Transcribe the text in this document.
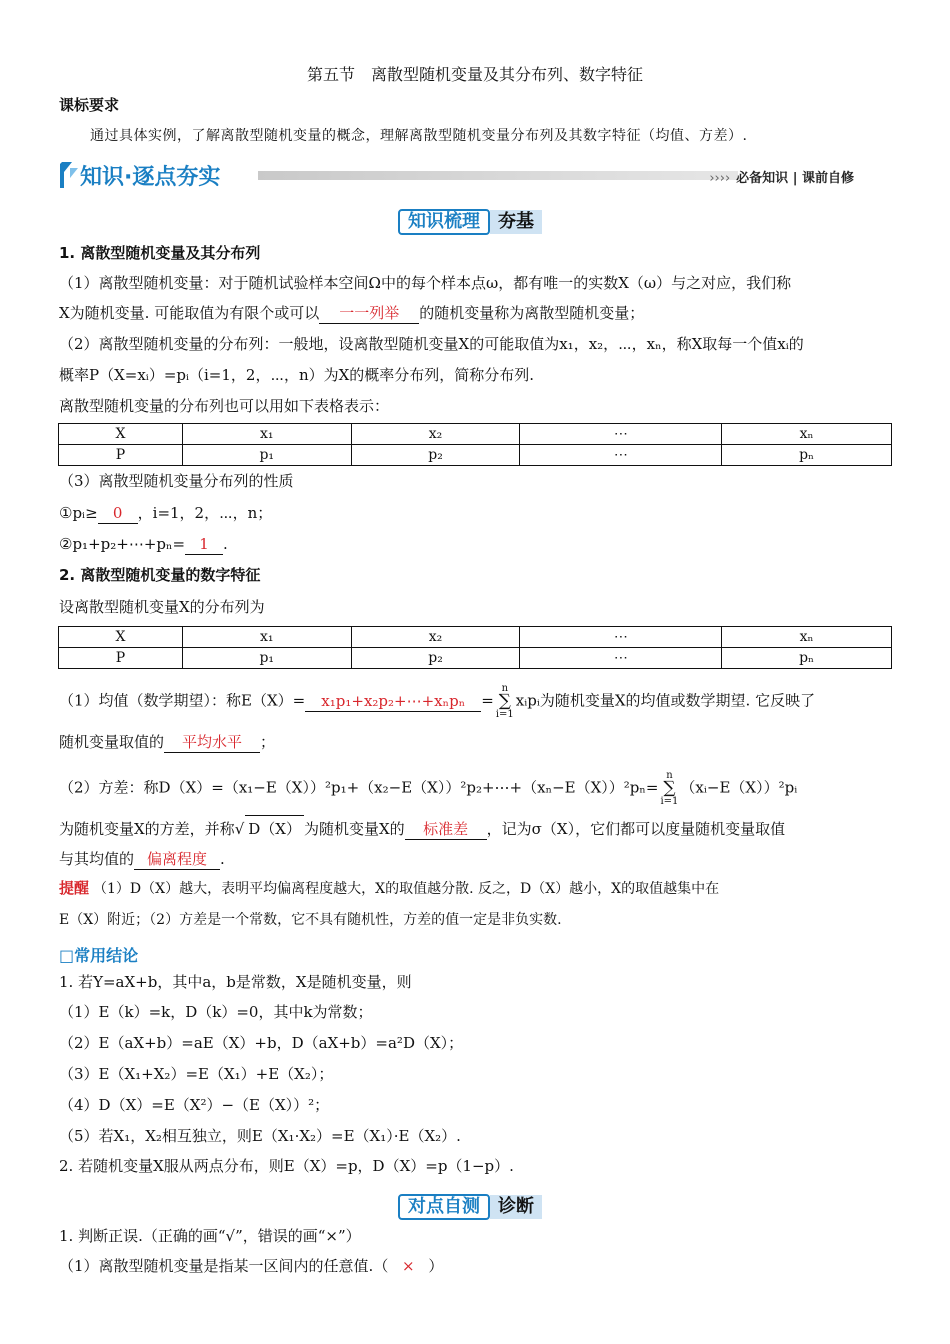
第五节　离散型随机变量及其分布列、数字特征
课标要求
通过具体实例，了解离散型随机变量的概念，理解离散型随机变量分布列及其数字特征（均值、方差）.
知识·逐点夯实	›››› 必备知识 | 课前自修
知识梳理 夯基
1. 离散型随机变量及其分布列
（1）离散型随机变量：对于随机试验样本空间Ω中的每个样本点ω，都有唯一的实数X（ω）与之对应，我们称
X为随机变量. 可能取值为有限个或可以 一一列举 的随机变量称为离散型随机变量；
（2）离散型随机变量的分布列：一般地，设离散型随机变量X的可能取值为x₁，x₂，⋯，xₙ，称X取每一个值xᵢ的
概率P（X=xᵢ）=pᵢ（i=1，2，⋯，n）为X的概率分布列，简称分布列.
离散型随机变量的分布列也可以用如下表格表示：
X	x₁	x₂	⋯	xₙ
P	p₁	p₂	⋯	pₙ
（3）离散型随机变量分布列的性质
①pᵢ≥ 0 ，i=1，2，⋯，n；
②p₁+p₂+⋯+pₙ= 1 .
2. 离散型随机变量的数字特征
设离散型随机变量X的分布列为
X	x₁	x₂	⋯	xₙ
P	p₁	p₂	⋯	pₙ
（1）均值（数学期望）：称E（X）= x₁p₁+x₂p₂+⋯+xₙpₙ =
n
∑
i=1
xᵢpᵢ为随机变量X的均值或数学期望. 它反映了
随机变量取值的 平均水平 ；
（2）方差：称D（X）=（x₁−E（X））²p₁+（x₂−E（X））²p₂+⋯+（xₙ−E（X））²pₙ=
n
∑
i=1
（xᵢ−E（X））²pᵢ
为随机变量X的方差，并称√ D（X） 为随机变量X的 标准差 ，记为σ（X），它们都可以度量随机变量取值
与其均值的 偏离程度 .
提醒 （1）D（X）越大，表明平均偏离程度越大，X的取值越分散. 反之，D（X）越小，X的取值越集中在
E（X）附近；（2）方差是一个常数，它不具有随机性，方差的值一定是非负实数.
□常用结论
1. 若Y=aX+b，其中a，b是常数，X是随机变量，则
（1）E（k）=k，D（k）=0，其中k为常数；
（2）E（aX+b）=aE（X）+b，D（aX+b）=a²D（X）；
（3）E（X₁+X₂）=E（X₁）+E（X₂）；
（4）D（X）=E（X²）−（E（X））²；
（5）若X₁，X₂相互独立，则E（X₁·X₂）=E（X₁）·E（X₂）.
2. 若随机变量X服从两点分布，则E（X）=p，D（X）=p（1−p）.
对点自测 诊断
1. 判断正误.（正确的画“√”，错误的画“×”）
（1）离散型随机变量是指某一区间内的任意值.（ × ）
